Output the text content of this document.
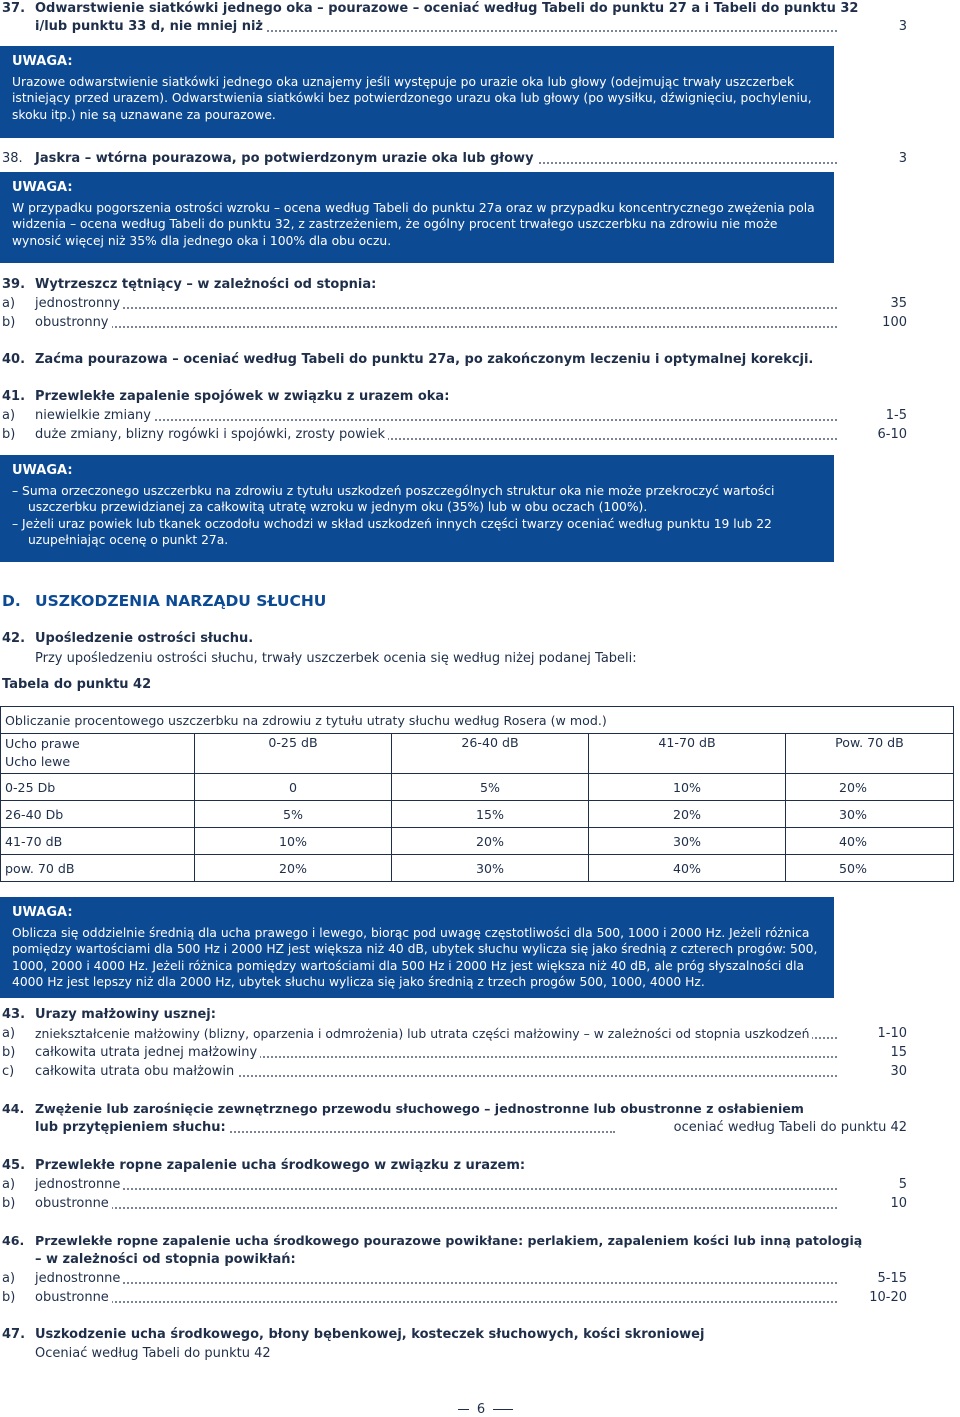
37. Odwarstwienie siatkówki jednego oka – pourazowe – oceniać według Tabeli do punktu 27 a i Tabeli do punktu 32
i/lub punktu 33 d, nie mniej niż	3
UWAGA:

Urazowe odwarstwienie siatkówki jednego oka uznajemy jeśli występuje po urazie oka lub głowy (odejmując trwały uszczerbek istniejący przed urazem). Odwarstwienia siatkówki bez potwierdzonego urazu oka lub głowy (po wysiłku, dźwignięciu, pochyleniu, skoku itp.) nie są uznawane za pourazowe.

38. Jaskra – wtórna pourazowa, po potwierdzonym urazie oka lub głowy	3
UWAGA:

W przypadku pogorszenia ostrości wzroku – ocena według Tabeli do punktu 27a oraz w przypadku koncentrycznego zwężenia pola widzenia – ocena według Tabeli do punktu 32, z zastrzeżeniem, że ogólny procent trwałego uszczerbku na zdrowiu nie może wynosić więcej niż 35% dla jednego oka i 100% dla obu oczu.

39. Wytrzeszcz tętniący – w zależności od stopnia:
a) jednostronny	35
b) obustronny	100
40. Zaćma pourazowa – oceniać według Tabeli do punktu 27a, po zakończonym leczeniu i optymalnej korekcji.
41. Przewlekłe zapalenie spojówek w związku z urazem oka:
a) niewielkie zmiany	1-5
b) duże zmiany, blizny rogówki i spojówki, zrosty powiek	6-10
UWAGA:

– Suma orzeczonego uszczerbku na zdrowiu z tytułu uszkodzeń poszczególnych struktur oka nie może przekroczyć wartości uszczerbku przewidzianej za całkowitą utratę wzroku w jednym oku (35%) lub w obu oczach (100%).

– Jeżeli uraz powiek lub tkanek oczodołu wchodzi w skład uszkodzeń innych części twarzy oceniać według punktu 19 lub 22 uzupełniając ocenę o punkt 27a.

D. USZKODZENIA NARZĄDU SŁUCHU
42. Upośledzenie ostrości słuchu.
Przy upośledzeniu ostrości słuchu, trwały uszczerbek ocenia się według niżej podanej Tabeli:
Tabela do punktu 42
Obliczanie procentowego uszczerbku na zdrowiu z tytułu utraty słuchu według Rosera (w mod.)				

Ucho prawe
Ucho lewe	0-25 dB	26-40 dB	41-70 dB	Pow. 70 dB
0-25 Db	0	5%	10%	20%
26-40 Db	5%	15%	20%	30%
41-70 dB	10%	20%	30%	40%
pow. 70 dB	20%	30%	40%	50%
UWAGA:

Oblicza się oddzielnie średnią dla ucha prawego i lewego, biorąc pod uwagę częstotliwości dla 500, 1000 i 2000 Hz. Jeżeli różnica pomiędzy wartościami dla 500 Hz i 2000 HZ jest większa niż 40 dB, ubytek słuchu wylicza się jako średnią z czterech progów: 500, 1000, 2000 i 4000 Hz. Jeżeli różnica pomiędzy wartościami dla 500 Hz i 2000 Hz jest większa niż 40 dB, ale próg słyszalności dla 4000 Hz jest lepszy niż dla 2000 Hz, ubytek słuchu wylicza się jako średnią z trzech progów 500, 1000, 4000 Hz.

43. Urazy małżowiny usznej:
a) zniekształcenie małżowiny (blizny, oparzenia i odmrożenia) lub utrata części małżowiny – w zależności od stopnia uszkodzeń	1-10
b) całkowita utrata jednej małżowiny	15
c) całkowita utrata obu małżowin	30
44. Zwężenie lub zarośnięcie zewnętrznego przewodu słuchowego – jednostronne lub obustronne z osłabieniem
lub przytępieniem słuchu:	oceniać według Tabeli do punktu 42
45. Przewlekłe ropne zapalenie ucha środkowego w związku z urazem:
a) jednostronne	5
b) obustronne	10
46. Przewlekłe ropne zapalenie ucha środkowego pourazowe powikłane: perlakiem, zapaleniem kości lub inną patologią
– w zależności od stopnia powikłań:
a) jednostronne	5-15
b) obustronne	10-20
47. Uszkodzenie ucha środkowego, błony bębenkowej, kosteczek słuchowych, kości skroniowej
Oceniać według Tabeli do punktu 42
6
